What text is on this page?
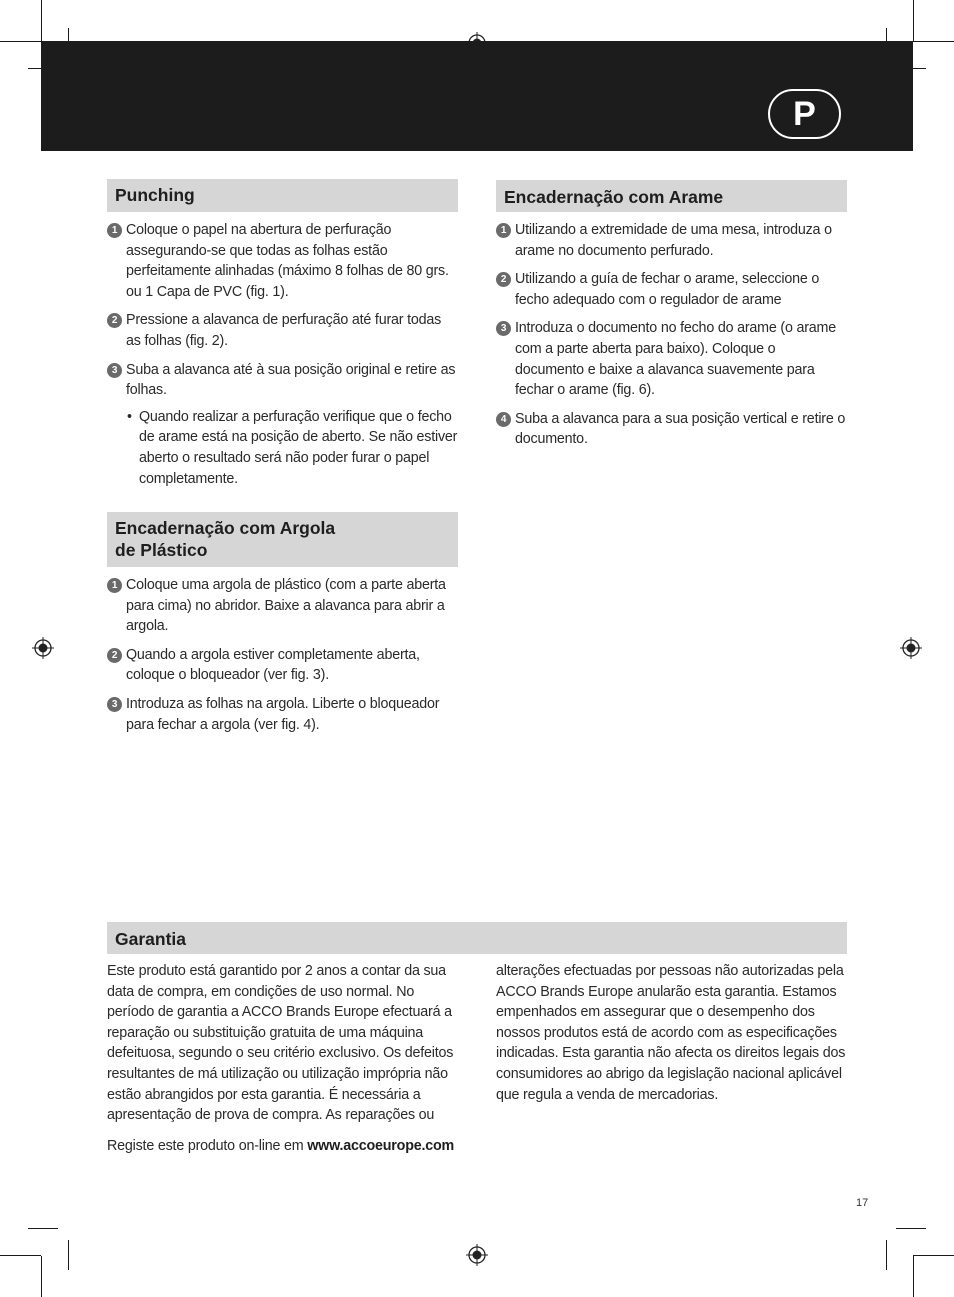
P
Punching
1 Coloque o papel na abertura de perfuração assegurando-se que todas as folhas estão perfeitamente alinhadas (máximo 8 folhas de 80 grs. ou 1 Capa de PVC (fig. 1).
2 Pressione a alavanca de perfuração até furar todas as folhas (fig. 2).
3 Suba a alavanca até à sua posição original e retire as folhas.
• Quando realizar a perfuração verifique que o fecho de arame está na posição de aberto. Se não estiver aberto o resultado será não poder furar o papel completamente.
Encadernação com Argola
de Plástico
1 Coloque uma argola de plástico (com a parte aberta para cima) no abridor. Baixe a alavanca para abrir a argola.
2 Quando a argola estiver completamente aberta, coloque o bloqueador (ver fig. 3).
3 Introduza as folhas na argola. Liberte o bloqueador para fechar a argola (ver fig. 4).
Encadernação com Arame
1 Utilizando a extremidade de uma mesa, introduza o arame no documento perfurado.
2 Utilizando a guía de fechar o arame, seleccione o fecho adequado com o regulador de arame
3 Introduza o documento no fecho do arame (o arame com a parte aberta para baixo). Coloque o documento e baixe a alavanca suavemente para fechar o arame (fig. 6).
4 Suba a alavanca para a sua posição vertical e retire o documento.
Garantia

Este produto está garantido por 2 anos a contar da sua data de compra, em condições de uso normal. No período de garantia a ACCO Brands Europe efectuará a reparação ou substituição gratuita de uma máquina defeituosa, segundo o seu critério exclusivo. Os defeitos resultantes de má utilização ou utilização imprópria não estão abrangidos por esta garantia. É necessária a apresentação de prova de compra. As reparações ou

Registe este produto on-line em www.accoeurope.com

alterações efectuadas por pessoas não autorizadas pela ACCO Brands Europe anularão esta garantia. Estamos empenhados em assegurar que o desempenho dos nossos produtos está de acordo com as especificações indicadas. Esta garantia não afecta os direitos legais dos consumidores ao abrigo da legislação nacional aplicável que regula a venda de mercadorias.

17
